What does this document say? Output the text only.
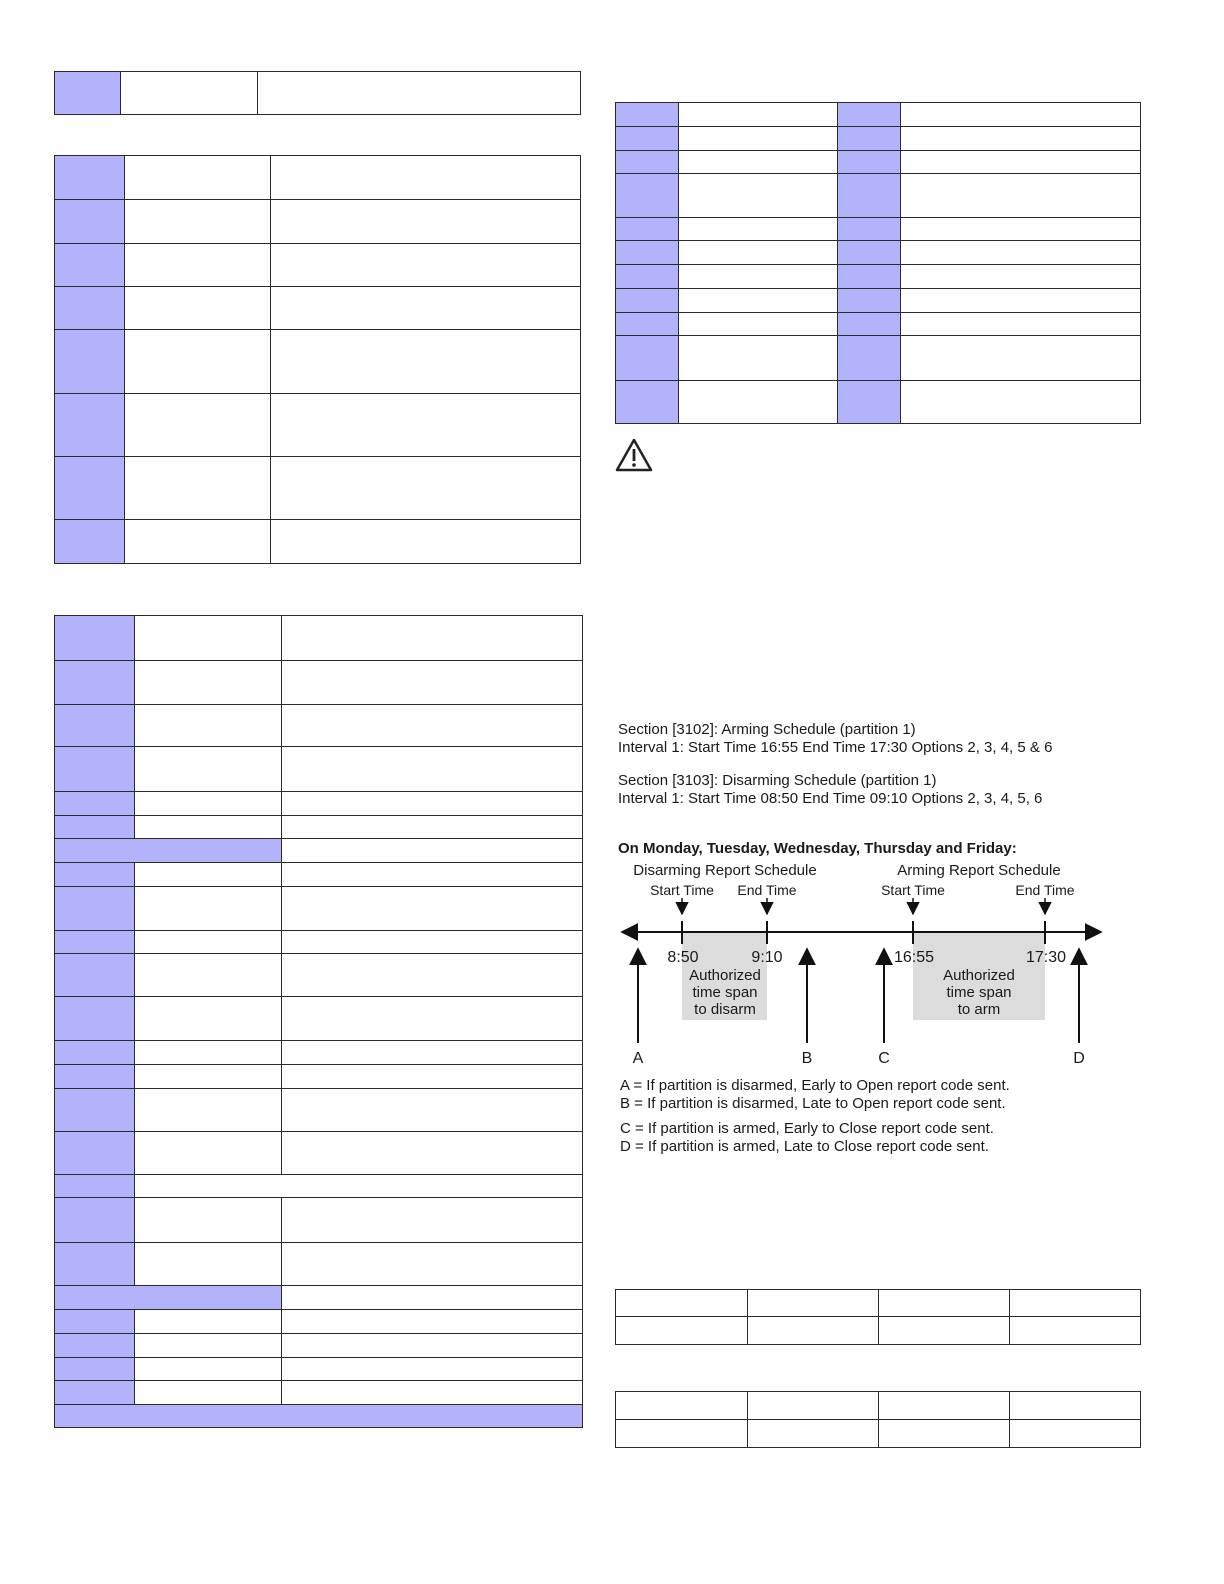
Section [3102]: Arming Schedule (partition 1)
Interval 1: Start Time 16:55 End Time 17:30 Options 2, 3, 4, 5 & 6
Section [3103]: Disarming Schedule (partition 1)
Interval 1: Start Time 08:50 End Time 09:10 Options 2, 3, 4, 5, 6
On Monday, Tuesday, Wednesday, Thursday and Friday:
Disarming Report Schedule	Arming Report Schedule
Start Time End Time	Start Time	End Time
8:50	9:10	16:55	17:30
Authorized
time span
to disarm
Authorized
time span
to arm
A	B	C	D
A = If partition is disarmed, Early to Open report code sent.
B = If partition is disarmed, Late to Open report code sent.
C = If partition is armed, Early to Close report code sent.
D = If partition is armed, Late to Close report code sent.
